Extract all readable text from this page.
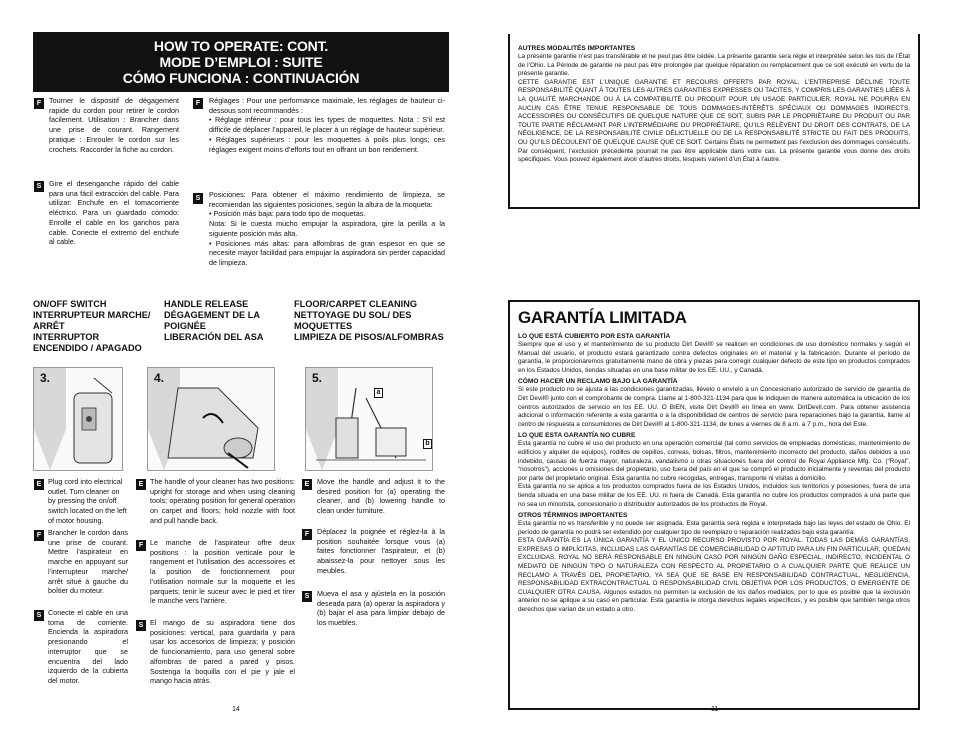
HOW TO OPERATE: CONT.
MODE D’EMPLOI : SUITE
CÓMO FUNCIONA : CONTINUACIÓN
F	Tourner le dispositif de dégagement rapide du cordon pour retirer le cordon facilement. Utilisation : Brancher dans une prise de courant. Rangement pratique : Enrouler le cordon sur les crochets. Raccorder la fiche au cordon.
S	Gire el desenganche rápido del cable para una fácil extracción del cable. Para utilizar: Enchufe en el tomacorriente eléctrico. Para un guardado cómodo: Enrolle el cable en los ganchos para cable. Conecte el extremo del enchufe al cable.
F	Réglages : Pour une performance maximale, les réglages de hauteur ci-dessous sont recommandés :

• Réglage inférieur : pour tous les types de moquettes. Nota : S’il est difficile de déplacer l’appareil, le placer à un réglage de hauteur supérieur.

• Réglages supérieurs : pour les moquettes à poils plus longs; ces réglages exigent moins d’efforts tout en offrant un bon rendement.

S	Posiciones: Para obtener el máximo rendimiento de limpieza, se recomiendan las siguientes posiciones, según la altura de la moqueta:

• Posición más baja: para todo tipo de moquetas.

Nota: Si le cuesta mucho empujar la aspiradora, gire la perilla a la siguiente posición más alta.

• Posiciones más altas: para alfombras de gran espesor en que se necesite mayor facilidad para empujar la aspiradora sin perder capacidad de limpieza.

ON/OFF SWITCH
INTERRUPTEUR MARCHE/
ARRÊT
INTERRUPTOR
ENCENDIDO / APAGADO
HANDLE RELEASE
DÉGAGEMENT DE LA
POIGNÉE
LIBERACIÓN DEL ASA
FLOOR/CARPET CLEANING
NETTOYAGE DU SOL/ DES
MOQUETTES
LIMPIEZA DE PISOS/ALFOMBRAS
3.	4.	5.
a
b
E Plug cord into electrical outlet. Turn cleaner on by pressing the on/off switch located on the left of motor housing.
F Brancher le cordon dans une prise de courant. Mettre l’aspirateur en marche en appuyant sur l’interrupteur marche/ arrêt situé à gauche du boîtier du moteur.
S Conecte el cable en una toma de corriente. Encienda la aspiradora presionando el interruptor que se encuentra del lado izquierdo de la cubierta del motor.
E The handle of your cleaner has two positions: upright for storage and when using cleaning tools; operating position for general operation on carpet and floors; hold nozzle with foot and pull handle back.
F Le manche de l’aspirateur offre deux positions : la position verticale pour le rangement et l’utilisation des accessoires et la position de fonctionnement pour l’utilisation normale sur la moquette et les parquets; tenir le suceur avec le pied et tirer le manche vers l’arrière.
S El mango de su aspiradora tiene dos posiciones: vertical, para guardarla y para usar los accesorios de limpieza; y posición de funcionamiento, para uso general sobre alfombras de pared a pared y pisos. Sostenga la boquilla con el pie y jale el mango hacia atrás.
E	Move the handle and adjust it to the desired position for (a) operating the cleaner, and (b) lowering handle to clean under furniture.
F	Déplacez la poignée et réglez-la à la position souhaitée lorsque vous (a) faites fonctionner l’aspirateur, et (b) abaissez-la pour nettoyer sous les meubles.
S	Mueva el asa y ajústela en la posición deseada para (a) operar la aspiradora y (b) bajar el asa para limpiar debajo de los muebles.
14
AUTRES MODALITÉS IMPORTANTES
La présente garantie n’est pas transférable et ne peut pas être cédée. La présente garantie sera régie et interprétée selon les lois de l’État de l’Ohio. La Période de garantie ne peut pas être prolongée par quelque réparation ou remplacement que ce soit exécuté en vertu de la présente garantie.
CETTE GARANTIE EST L’UNIQUE GARANTIE ET RECOURS OFFERTS PAR ROYAL. L’ENTREPRISE DÉCLINE TOUTE RESPONSABILITÉ QUANT À TOUTES LES AUTRES GARANTIES EXPRESSES OU TACITES, Y COMPRIS LES GARANTIES LIÉES À LA QUALITÉ MARCHANDE OU À LA COMPATIBILITÉ DU PRODUIT POUR UN USAGE PARTICULIER. ROYAL NE POURRA EN AUCUN CAS ÊTRE TENUE RESPONSABLE DE TOUS DOMMAGES-INTÉRÊTS SPÉCIAUX OU DOMMAGES INDIRECTS, ACCESSOIRES OU CONSÉCUTIFS DE QUELQUE NATURE QUE CE SOIT, SUBIS PAR LE PROPRIÉTAIRE DU PRODUIT OU PAR TOUTE PARTIE RÉCLAMANT PAR L’INTERMÉDIAIRE DU PROPRIÉTAIRE, QU’ILS RELÈVENT DU DROIT DES CONTRATS, DE LA NÉGLIGENCE, DE LA RESPONSABILITÉ CIVILE DÉLICTUELLE OU DE LA RESPONSABILITÉ STRICTE DU FAIT DES PRODUITS, OU QU’ILS DÉCOULENT DE QUELQUE CAUSE QUE CE SOIT. Certains États ne permettent pas l’exclusion des dommages consécutifs. Par conséquent, l’exclusion précédente pourrait ne pas être applicable dans votre cas. La présente garantie vous donne des droits spécifiques. Vous pouvez également avoir d’autres droits, lesquels varient d’un État à l’autre.
GARANTÍA LIMITADA
LO QUE ESTÁ CUBIERTO POR ESTA GARANTÍA
Siempre que el uso y el mantenimiento de su producto Dirt Devil® se realicen en condiciones de uso doméstico normales y según el Manual del usuario, el producto estará garantizado contra defectos originales en el material y la fabricación. Durante el período de garantía, le proporcionaremos gratuitamente mano de obra y piezas para corregir cualquier defecto de este tipo en productos comprados en los Estados Unidos, tiendas situadas en una base militar de los EE. UU., y Canadá.
CÓMO HACER UN RECLAMO BAJO LA GARANTÍA
Si este producto no se ajusta a las condiciones garantizadas, llévelo o envíelo a un Concesionario autorizado de servicio de garantía de Dirt Devil® junto con el comprobante de compra. Llame al 1-800-321-1134 para que le indiquen de manera automática la ubicación de los centros autorizados de servicio en los EE. UU. O BIEN, visite Dirt Devil® en línea en www. DirtDevil.com. Para obtener asistencia adicional o información referente a esta garantía o a la disponibilidad de centros de servicio para reparaciones bajo la garantía, llame al centro de respuesta a consumidores de Dirt Devil® al 1-800-321-1134, de lunes a viernes de 8 a.m. a 7 p.m., hora del Este.
LO QUE ESTA GARANTÍA NO CUBRE
Esta garantía no cubre el uso del producto en una operación comercial (tal como servicios de empleadas domésticas, mantenimiento de edificios y alquiler de equipos), rodillos de cepillos, correas, bolsas, filtros, mantenimiento incorrecto del producto, daños debidos a uso indebido, causas de fuerza mayor, naturaleza, vandalismo u otras situaciones fuera del control de Royal Appliance Mfg. Co. (“Royal”, “nosotros”), acciones u omisiones del propietario, uso fuera del país en el que se compró el producto inicialmente y reventas del producto por parte del propietario original. Esta garantía no cubre recogidas, entregas, transporte ni visitas a domicilio.
Esta garantía no se aplica a los productos comprados fuera de los Estados Unidos, incluidos sus territorios y posesiones, fuera de una tienda situada en una base militar de los EE. UU. ni fuera de Canadá. Esta garantía no cubre los productos comprados a una parte que no sea un minorista, concesionario o distribuidor autorizados de los productos de Royal.
OTROS TÉRMINOS IMPORTANTES
Esta garantía no es transferible y no puede ser asignada. Esta garantía será regida e interpretada bajo las leyes del estado de Ohio. El período de garantía no podrá ser extendido por cualquier tipo de reemplazo o reparación realizados bajo esta garantía.
ESTA GARANTÍA ES LA ÚNICA GARANTÍA Y EL ÚNICO RECURSO PROVISTO POR ROYAL. TODAS LAS DEMÁS GARANTÍAS, EXPRESAS O IMPLÍCITAS, INCLUIDAS LAS GARANTÍAS DE COMERCIABILIDAD O APTITUD PARA UN FIN PARTICULAR, QUEDAN EXCLUIDAS. ROYAL NO SERÁ RESPONSABLE EN NINGÚN CASO POR NINGÚN DAÑO ESPECIAL, INDIRECTO, INCIDENTAL O MEDIATO DE NINGÚN TIPO O NATURALEZA CON RESPECTO AL PROPIETARIO O A CUALQUIER PARTE QUE REALICE UN RECLAMO A TRAVÉS DEL PROPIETARIO, YA SEA QUE SE BASE EN RESPONSABILIDAD CONTRACTUAL, NEGLIGENCIA, RESPONSABILIDAD EXTRACONTRACTUAL O RESPONSABILIDAD CIVIL OBJETIVA POR LOS PRODUCTOS, O EMERGENTE DE CUALQUIER OTRA CAUSA. Algunos estados no permiten la exclusión de los daños mediatos, por lo que es posible que la exclusión anterior no se aplique a su caso en particular. Esta garantía le otorga derechos legales específicos, y es posible que también tenga otros derechos que varían de un estado a otro.
11
